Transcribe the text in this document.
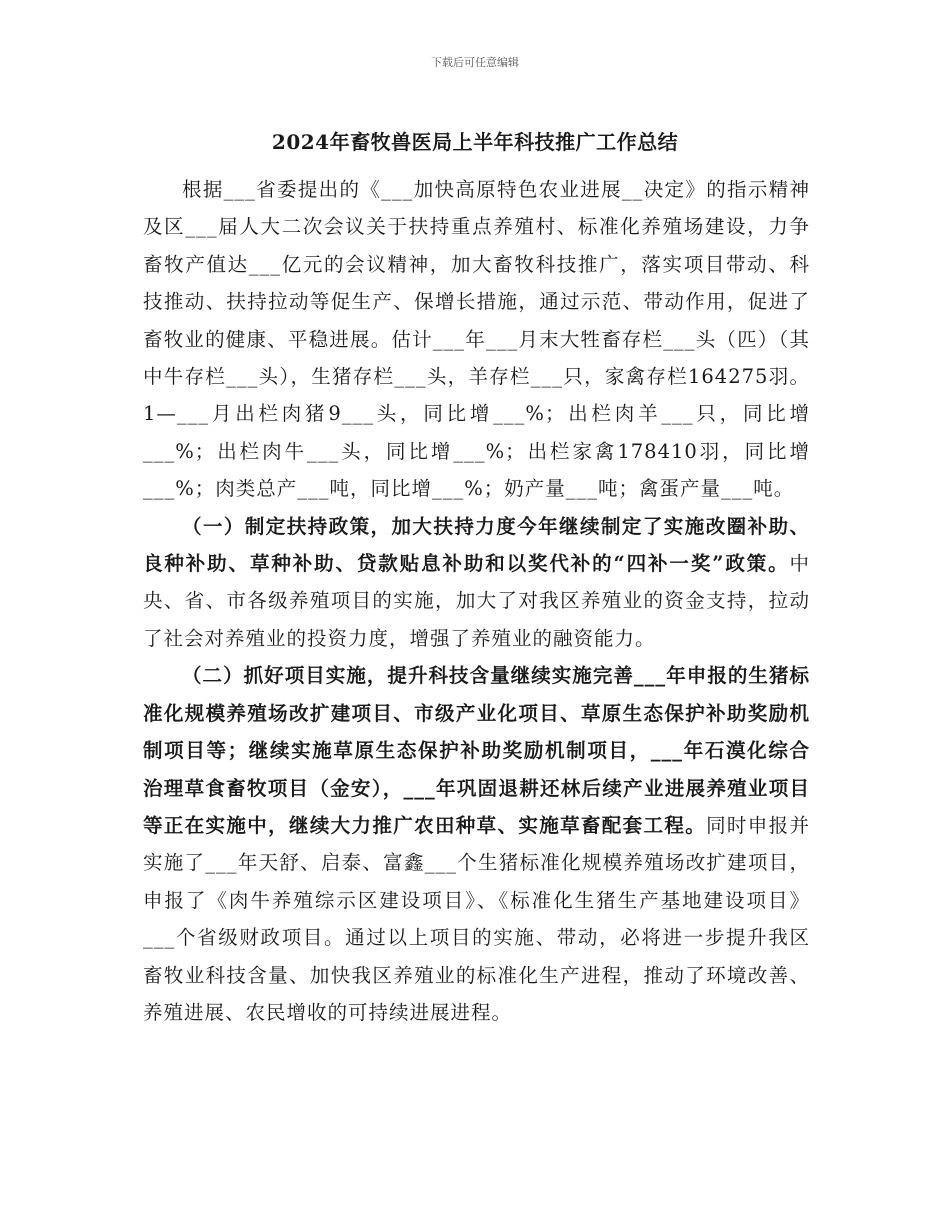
下载后可任意编辑
2024年畜牧兽医局上半年科技推广工作总结

根据___省委提出的《___加快高原特色农业进展__决定》的指示精神及区___届人大二次会议关于扶持重点养殖村、标准化养殖场建设，力争畜牧产值达___亿元的会议精神，加大畜牧科技推广，落实项目带动、科技推动、扶持拉动等促生产、保增长措施，通过示范、带动作用，促进了畜牧业的健康、平稳进展。估计___年___月末大牲畜存栏___头（匹）（其中牛存栏___头），生猪存栏___头，羊存栏___只，家禽存栏164275羽。1—___月出栏肉猪9___头，同比增___%；出栏肉羊___只，同比增___%；出栏肉牛___头，同比增___%；出栏家禽178410羽，同比增___%；肉类总产___吨，同比增___%；奶产量___吨；禽蛋产量___吨。

（一）制定扶持政策，加大扶持力度今年继续制定了实施改圈补助、良种补助、草种补助、贷款贴息补助和以奖代补的“四补一奖”政策。中央、省、市各级养殖项目的实施，加大了对我区养殖业的资金支持，拉动了社会对养殖业的投资力度，增强了养殖业的融资能力。

（二）抓好项目实施，提升科技含量继续实施完善___年申报的生猪标准化规模养殖场改扩建项目、市级产业化项目、草原生态保护补助奖励机制项目等；继续实施草原生态保护补助奖励机制项目，___年石漠化综合治理草食畜牧项目（金安），___年巩固退耕还林后续产业进展养殖业项目等正在实施中，继续大力推广农田种草、实施草畜配套工程。同时申报并实施了___年天舒、启泰、富鑫___个生猪标准化规模养殖场改扩建项目，申报了《肉牛养殖综示区建设项目》、《标准化生猪生产基地建设项目》___个省级财政项目。通过以上项目的实施、带动，必将进一步提升我区畜牧业科技含量、加快我区养殖业的标准化生产进程，推动了环境改善、养殖进展、农民增收的可持续进展进程。
